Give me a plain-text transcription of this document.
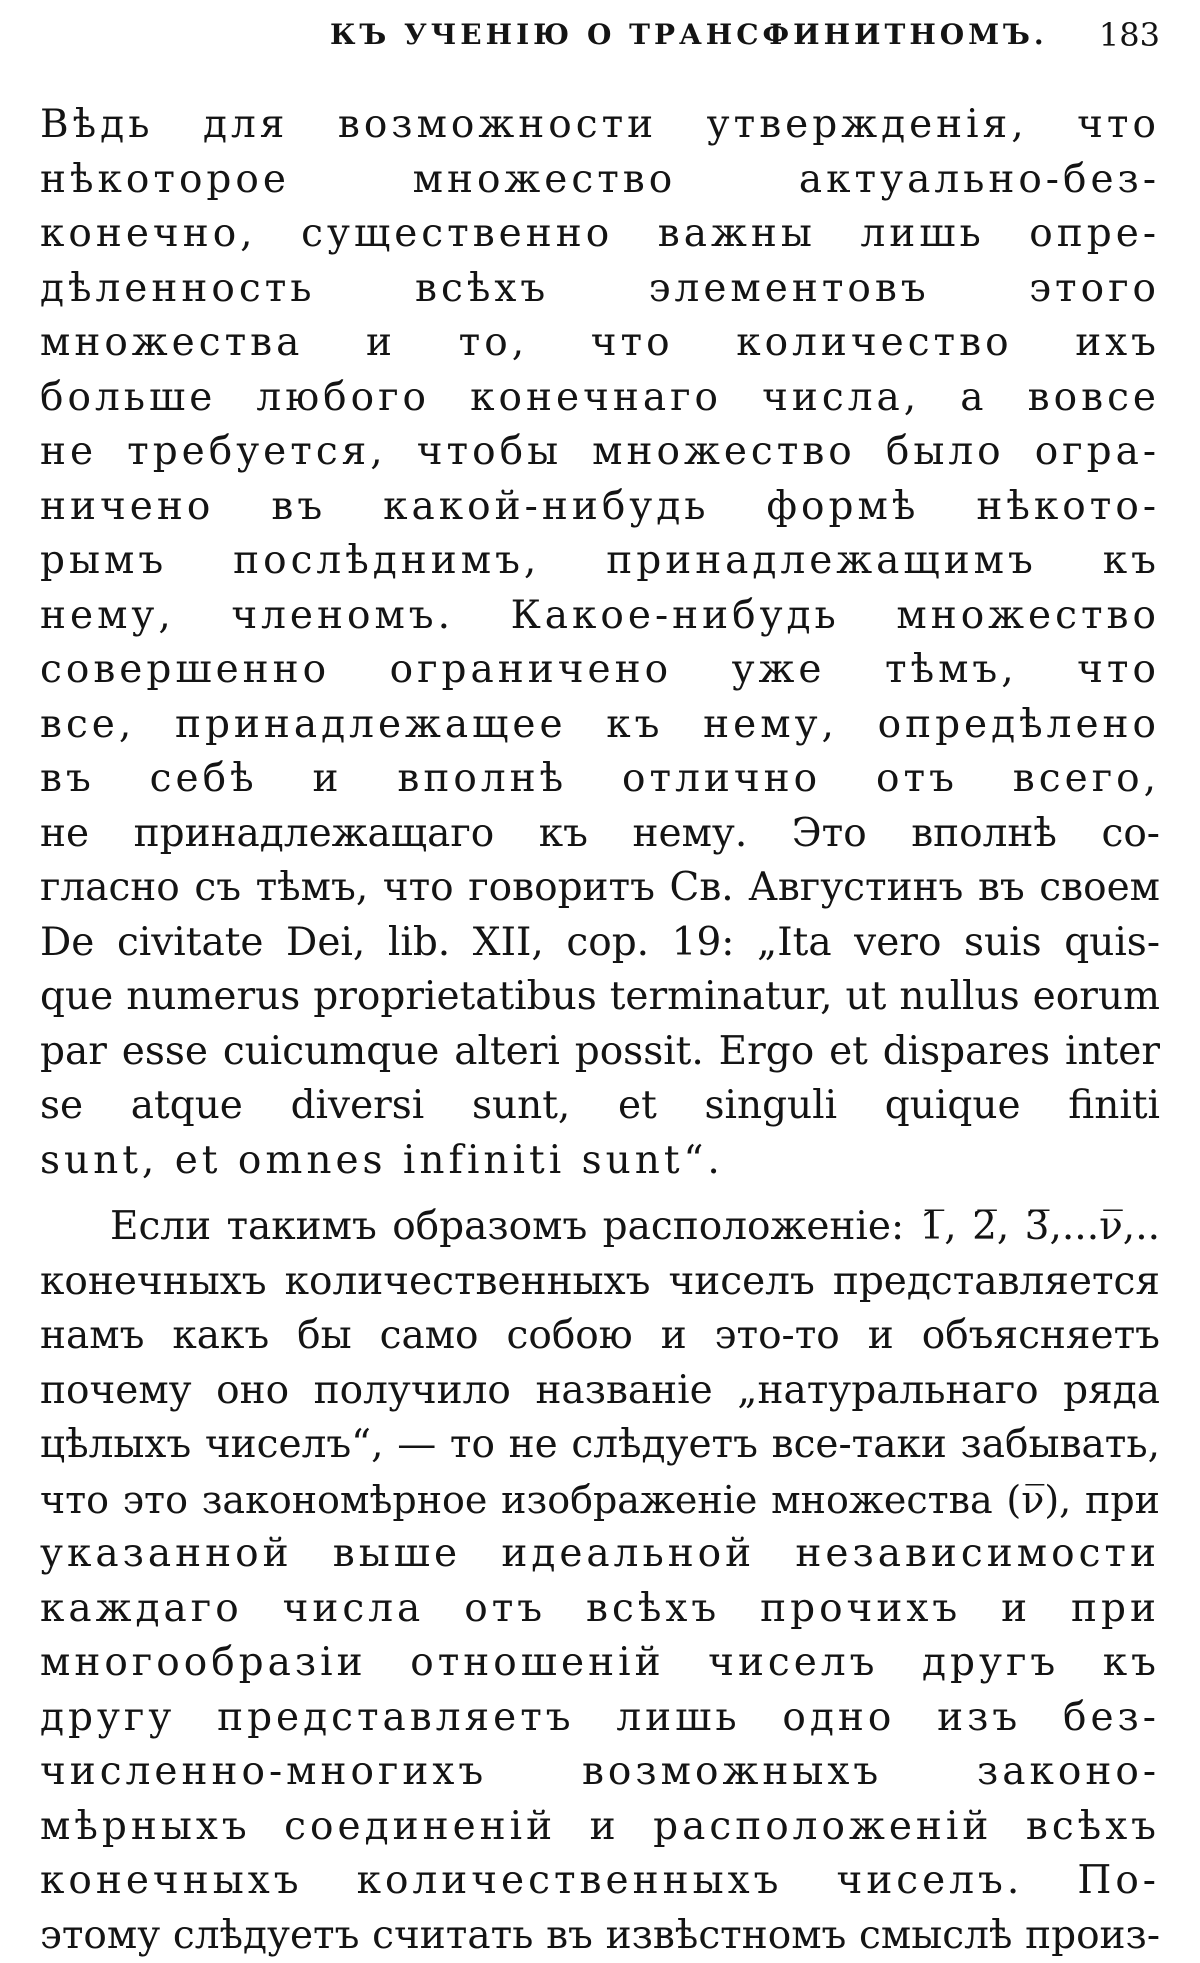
КЪ УЧЕНІЮ О ТРАНСФИНИТНОМЪ. 183
Вѣдь для возможности утвержденія, что
нѣкоторое множество актуально-без-
конечно, существенно важны лишь опре-
дѣленность всѣхъ элементовъ этого
множества и то, что количество ихъ
больше любого конечнаго числа, а вовсе
не требуется, чтобы множество было огра-
ничено въ какой-нибудь формѣ нѣкото-
рымъ послѣднимъ, принадлежащимъ къ
нему, членомъ. Какое-нибудь множество
совершенно ограничено уже тѣмъ, что
все, принадлежащее къ нему, опредѣлено
въ себѣ и вполнѣ отлично отъ всего,
не принадлежащаго къ нему. Это вполнѣ со-
гласно съ тѣмъ, что говоритъ Св. Августинъ въ своем
De civitate Dei, lib. XII, cop. 19: „Ita vero suis quis-
que numerus proprietatibus terminatur, ut nullus eorum
par esse cuicumque alteri possit. Ergo et dispares inter
se atque diversi sunt, et singuli quique finiti
sunt, et omnes infiniti sunt“.
Если такимъ образомъ расположеніе: 1̅, 2̅, 3̅,...ν̅,..
конечныхъ количественныхъ чиселъ представляется
намъ какъ бы само собою и это-то и объясняетъ
почему оно получило названіе „натуральнаго ряда
цѣлыхъ чиселъ“, — то не слѣдуетъ все-таки забывать,
что это закономѣрное изображеніе множества (ν̅), при
указанной выше идеальной независимости
каждаго числа отъ всѣхъ прочихъ и при
многообразіи отношеній чиселъ другъ къ
другу представляетъ лишь одно изъ без-
численно-многихъ возможныхъ законо-
мѣрныхъ соединеній и расположеній всѣхъ
конечныхъ количественныхъ чиселъ. По-
этому слѣдуетъ считать въ извѣстномъ смыслѣ произ-
